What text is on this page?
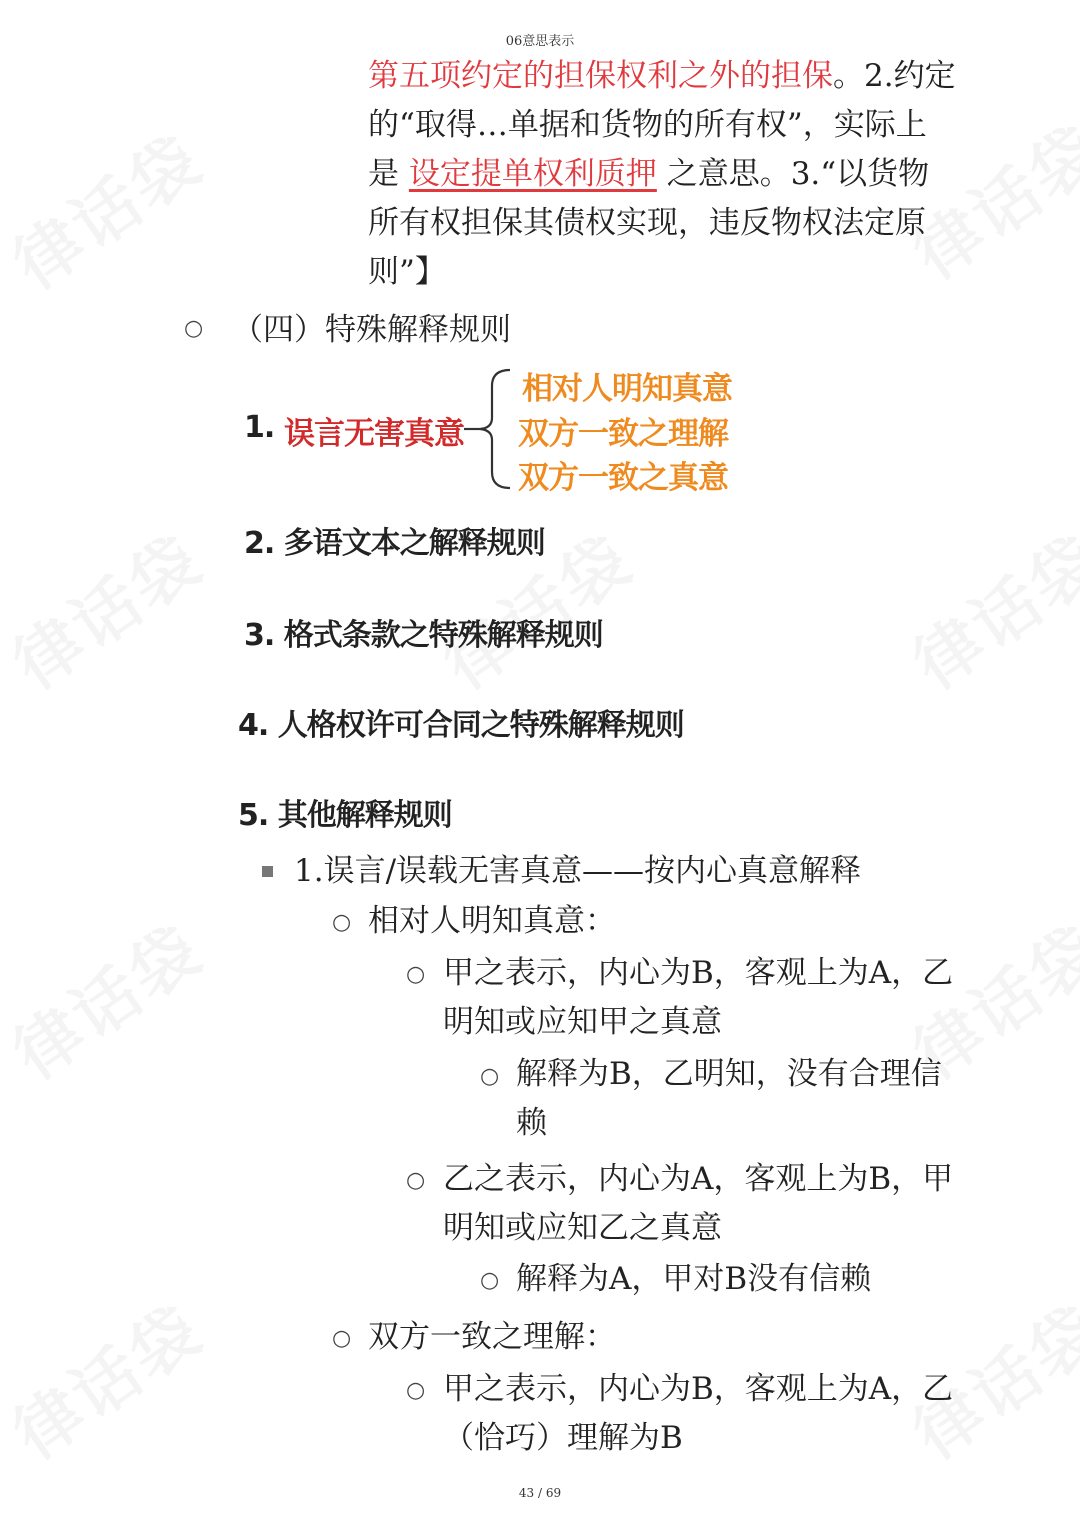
06意思表示
第五项约定的担保权利之外的担保。2.约定
的“取得…单据和货物的所有权”，实际上
是 设定提单权利质押 之意思。3.“以货物
所有权担保其债权实现，违反物权法定原
则”】
○ （四）特殊解释规则
1. 误言无害真意
相对人明知真意
双方一致之理解
双方一致之真意
2. 多语文本之解释规则
3. 格式条款之特殊解释规则
4. 人格权许可合同之特殊解释规则
5. 其他解释规则
1.误言/误载无害真意——按内心真意解释
○ 相对人明知真意：
○ 甲之表示，内心为B，客观上为A，乙
明知或应知甲之真意
○ 解释为B，乙明知，没有合理信
赖
○ 乙之表示，内心为A，客观上为B，甲
明知或应知乙之真意
○ 解释为A，甲对B没有信赖
○ 双方一致之理解：
○ 甲之表示，内心为B，客观上为A，乙
（恰巧）理解为B
43 / 69
